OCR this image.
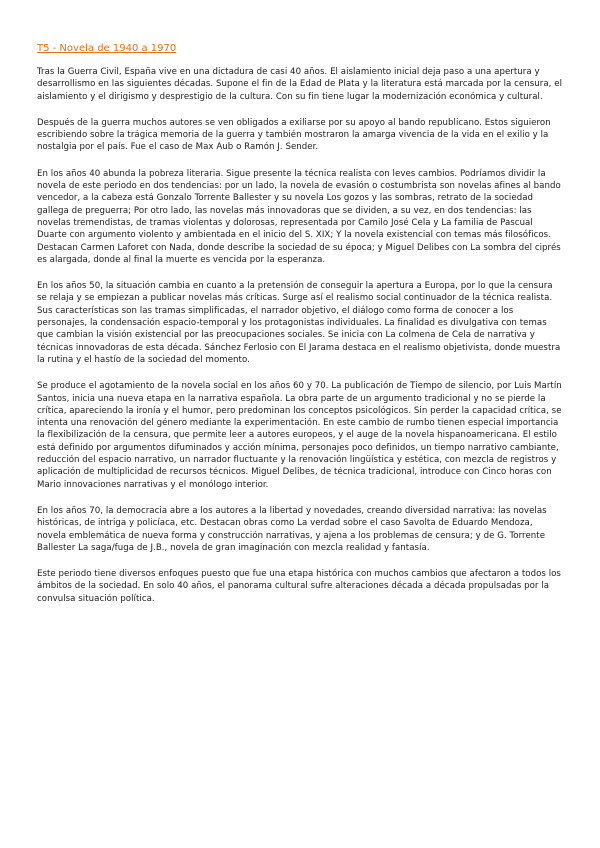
T5 - Novela de 1940 a 1970

Tras la Guerra Civil, España vive en una dictadura de casi 40 años. El aislamiento inicial deja paso a una apertura y desarrollismo en las siguientes décadas. Supone el fin de la Edad de Plata y la literatura está marcada por la censura, el aislamiento y el dirigismo y desprestigio de la cultura. Con su fin tiene lugar la modernización económica y cultural.

Después de la guerra muchos autores se ven obligados a exiliarse por su apoyo al bando republicano. Estos siguieron escribiendo sobre la trágica memoria de la guerra y también mostraron la amarga vivencia de la vida en el exilio y la nostalgia por el país. Fue el caso de Max Aub o Ramón J. Sender.

En los años 40 abunda la pobreza literaria. Sigue presente la técnica realista con leves cambios. Podríamos dividir la novela de este periodo en dos tendencias: por un lado, la novela de evasión o costumbrista son novelas afines al bando vencedor, a la cabeza está Gonzalo Torrente Ballester y su novela Los gozos y las sombras, retrato de la sociedad gallega de preguerra; Por otro lado, las novelas más innovadoras que se dividen, a su vez, en dos tendencias: las novelas tremendistas, de tramas violentas y dolorosas, representada por Camilo José Cela y La familia de Pascual Duarte con argumento violento y ambientada en el inicio del S. XIX; Y la novela existencial con temas más filosóficos. Destacan Carmen Laforet con Nada, donde describe la sociedad de su época; y Miguel Delibes con La sombra del ciprés es alargada, donde al final la muerte es vencida por la esperanza.

En los años 50, la situación cambia en cuanto a la pretensión de conseguir la apertura a Europa, por lo que la censura se relaja y se empiezan a publicar novelas más críticas. Surge así el realismo social continuador de la técnica realista. Sus características son las tramas simplificadas, el narrador objetivo, el diálogo como forma de conocer a los personajes, la condensación espacio-temporal y los protagonistas individuales. La finalidad es divulgativa con temas que cambian la visión existencial por las preocupaciones sociales. Se inicia con La colmena de Cela de narrativa y técnicas innovadoras de esta década. Sánchez Ferlosio con El Jarama destaca en el realismo objetivista, donde muestra la rutina y el hastío de la sociedad del momento.

Se produce el agotamiento de la novela social en los años 60 y 70. La publicación de Tiempo de silencio, por Luis Martín Santos, inicia una nueva etapa en la narrativa española. La obra parte de un argumento tradicional y no se pierde la crítica, apareciendo la ironía y el humor, pero predominan los conceptos psicológicos. Sin perder la capacidad crítica, se intenta una renovación del género mediante la experimentación. En este cambio de rumbo tienen especial importancia la flexibilización de la censura, que permite leer a autores europeos, y el auge de la novela hispanoamericana. El estilo está definido por argumentos difuminados y acción mínima, personajes poco definidos, un tiempo narrativo cambiante, reducción del espacio narrativo, un narrador fluctuante y la renovación lingüística y estética, con mezcla de registros y aplicación de multiplicidad de recursos técnicos. Miguel Delibes, de técnica tradicional, introduce con Cinco horas con Mario innovaciones narrativas y el monólogo interior.

En los años 70, la democracia abre a los autores a la libertad y novedades, creando diversidad narrativa: las novelas históricas, de intriga y policíaca, etc. Destacan obras como La verdad sobre el caso Savolta de Eduardo Mendoza, novela emblemática de nueva forma y construcción narrativas, y ajena a los problemas de censura; y de G. Torrente Ballester La saga/fuga de J.B., novela de gran imaginación con mezcla realidad y fantasía.

Este periodo tiene diversos enfoques puesto que fue una etapa histórica con muchos cambios que afectaron a todos los ámbitos de la sociedad. En solo 40 años, el panorama cultural sufre alteraciones década a década propulsadas por la convulsa situación política.
